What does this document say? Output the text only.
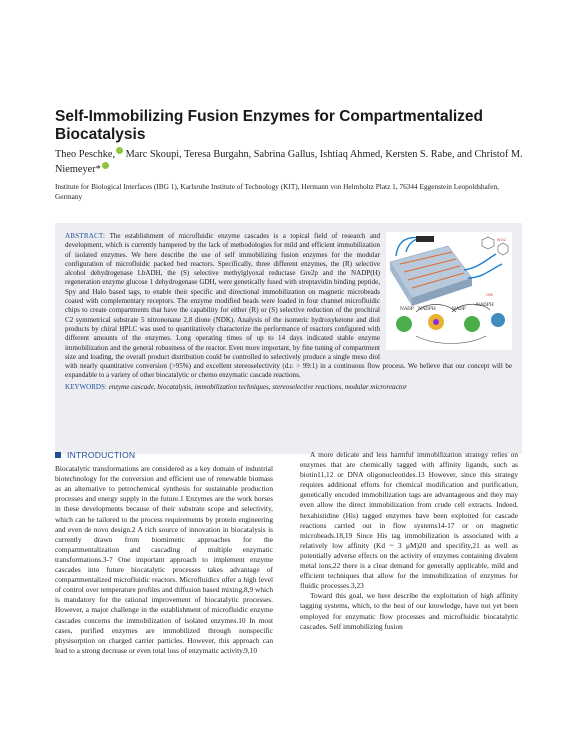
Self-Immobilizing Fusion Enzymes for Compartmentalized Biocatalysis
Theo Peschke, Marc Skoupi, Teresa Burgahn, Sabrina Gallus, Ishtiaq Ahmed, Kersten S. Rabe, and Christof M. Niemeyer*
Institute for Biological Interfaces (IBG 1), Karlsruhe Institute of Technology (KIT), Hermann von Helmholtz Platz 1, 76344 Eggenstein Leopoldshafen, Germany
NO2
NADP NADPH	NADP
NADPH
OH

ABSTRACT: The establishment of microfluidic enzyme cascades is a topical field of research and development, which is currently hampered by the lack of methodologies for mild and efficient immobilization of isolated enzymes. We here describe the use of self immobilizing fusion enzymes for the modular configuration of microfluidic packed bed reactors. Specifically, three different enzymes, the (R) selective alcohol dehydrogenase LbADH, the (S) selective methylglyoxal reductase Gre2p and the NADP(H) regeneration enzyme glucose 1 dehydrogenase GDH, were genetically fused with streptavidin binding peptide, Spy and Halo based tags, to enable their specific and directional immobilization on magnetic microbeads coated with complementary receptors. The enzyme modified beads were loaded in four channel microfluidic chips to create compartments that have the capability for either (R) or (S) selective reduction of the prochiral C2 symmetrical substrate 5 nitrononane 2,8 dione (NDK). Analysis of the isomeric hydroxyketone and diol products by chiral HPLC was used to quantitatively characterize the performance of reactors configured with different amounts of the enzymes. Long operating times of up to 14 days indicated stable enzyme immobilization and the general robustness of the reactor. Even more important, by fine tuning of compartment size and loading, the overall product distribution could be controlled to selectively produce a single meso diol with nearly quantitative conversion (>95%) and excellent stereoselectivity (d.r. > 99:1) in a continuous flow process. We believe that our concept will be expandable to a variety of other biocatalytic or chemo enzymatic cascade reactions.

KEYWORDS: enzyme cascade, biocatalysis, immobilization techniques, stereoselective reactions, modular microreactor

INTRODUCTION

Biocatalytic transformations are considered as a key domain of industrial biotechnology for the conversion and efficient use of renewable biomass as an alternative to petrochemical synthesis for sustainable production processes and energy supply in the future.1 Enzymes are the work horses in these developments because of their substrate scope and selectivity, which can be tailored to the process requirements by protein engineering and even de novo design.2 A rich source of innovation in biocatalysis is currently drawn from biomimetic approaches for the compartmentalization and cascading of multiple enzymatic transformations.3-7 One important approach to implement enzyme cascades into future biocatalytic processes takes advantage of compartmentalized microfluidic reactors. Microfluidics offer a high level of control over temperature profiles and diffusion based mixing,8,9 which is mandatory for the rational improvement of biocatalytic processes. However, a major challenge in the establishment of microfluidic enzyme cascades concerns the immobilization of isolated enzymes.10 In most cases, purified enzymes are immobilized through nonspecific physisorption on charged carrier particles. However, this approach can lead to a strong decrease or even total loss of enzymatic activity.9,10

A more delicate and less harmful immobilization strategy relies on enzymes that are chemically tagged with affinity ligands, such as biotin11,12 or DNA oligonucleotides.13 However, since this strategy requires additional efforts for chemical modification and purification, genetically encoded immobilization tags are advantageous and they may even allow the direct immobilization from crude cell extracts. Indeed, hexahistidine (His) tagged enzymes have been exploited for cascade reactions carried out in flow systems14-17 or on magnetic microbeads.18,19 Since His tag immobilization is associated with a relatively low affinity (Kd ~ 3 μM)20 and specifity,21 as well as potentially adverse effects on the activity of enzymes containing divalent metal ions,22 there is a clear demand for generally applicable, mild and efficient techniques that allow for the immobilization of enzymes for fluidic processes.3,23

Toward this goal, we here describe the exploitation of high affinity tagging systems, which, to the best of our knowledge, have not yet been employed for enzymatic flow processes and microfluidic biocatalytic cascades. Self immobilizing fusion
